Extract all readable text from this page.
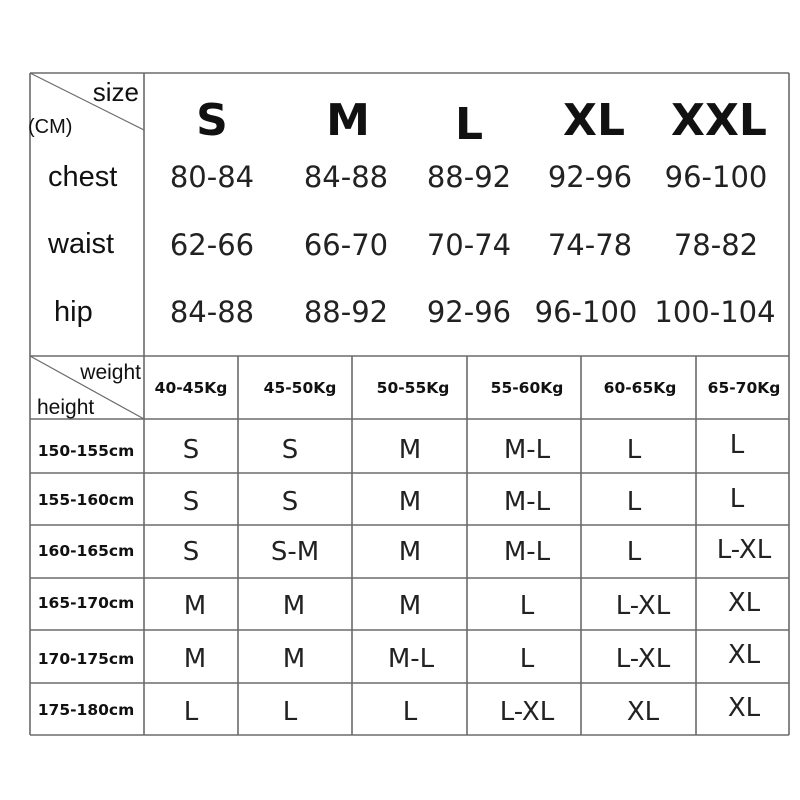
size
(CM)	S M L XL XXL
chest 80-84 84-88 88-92 92-96 96-100
waist 62-66 66-70 70-74 74-78 78-82
hip	84-88 88-92 92-96 96-100 100-104
weight
height
40-45Kg 45-50Kg	50-55Kg	55-60Kg	60-65Kg 65-70Kg
150-155cm S	S	M	M-L	L	L
155-160cm S	S	M	M-L	L	L
160-165cm S	S-M	M	M-L	L	L-XL
165-170cm M	M	M	L	L-XL XL
170-175cm M	M	M-L	L	L-XL XL
175-180cm L	L	L	L-XL	XL	XL
